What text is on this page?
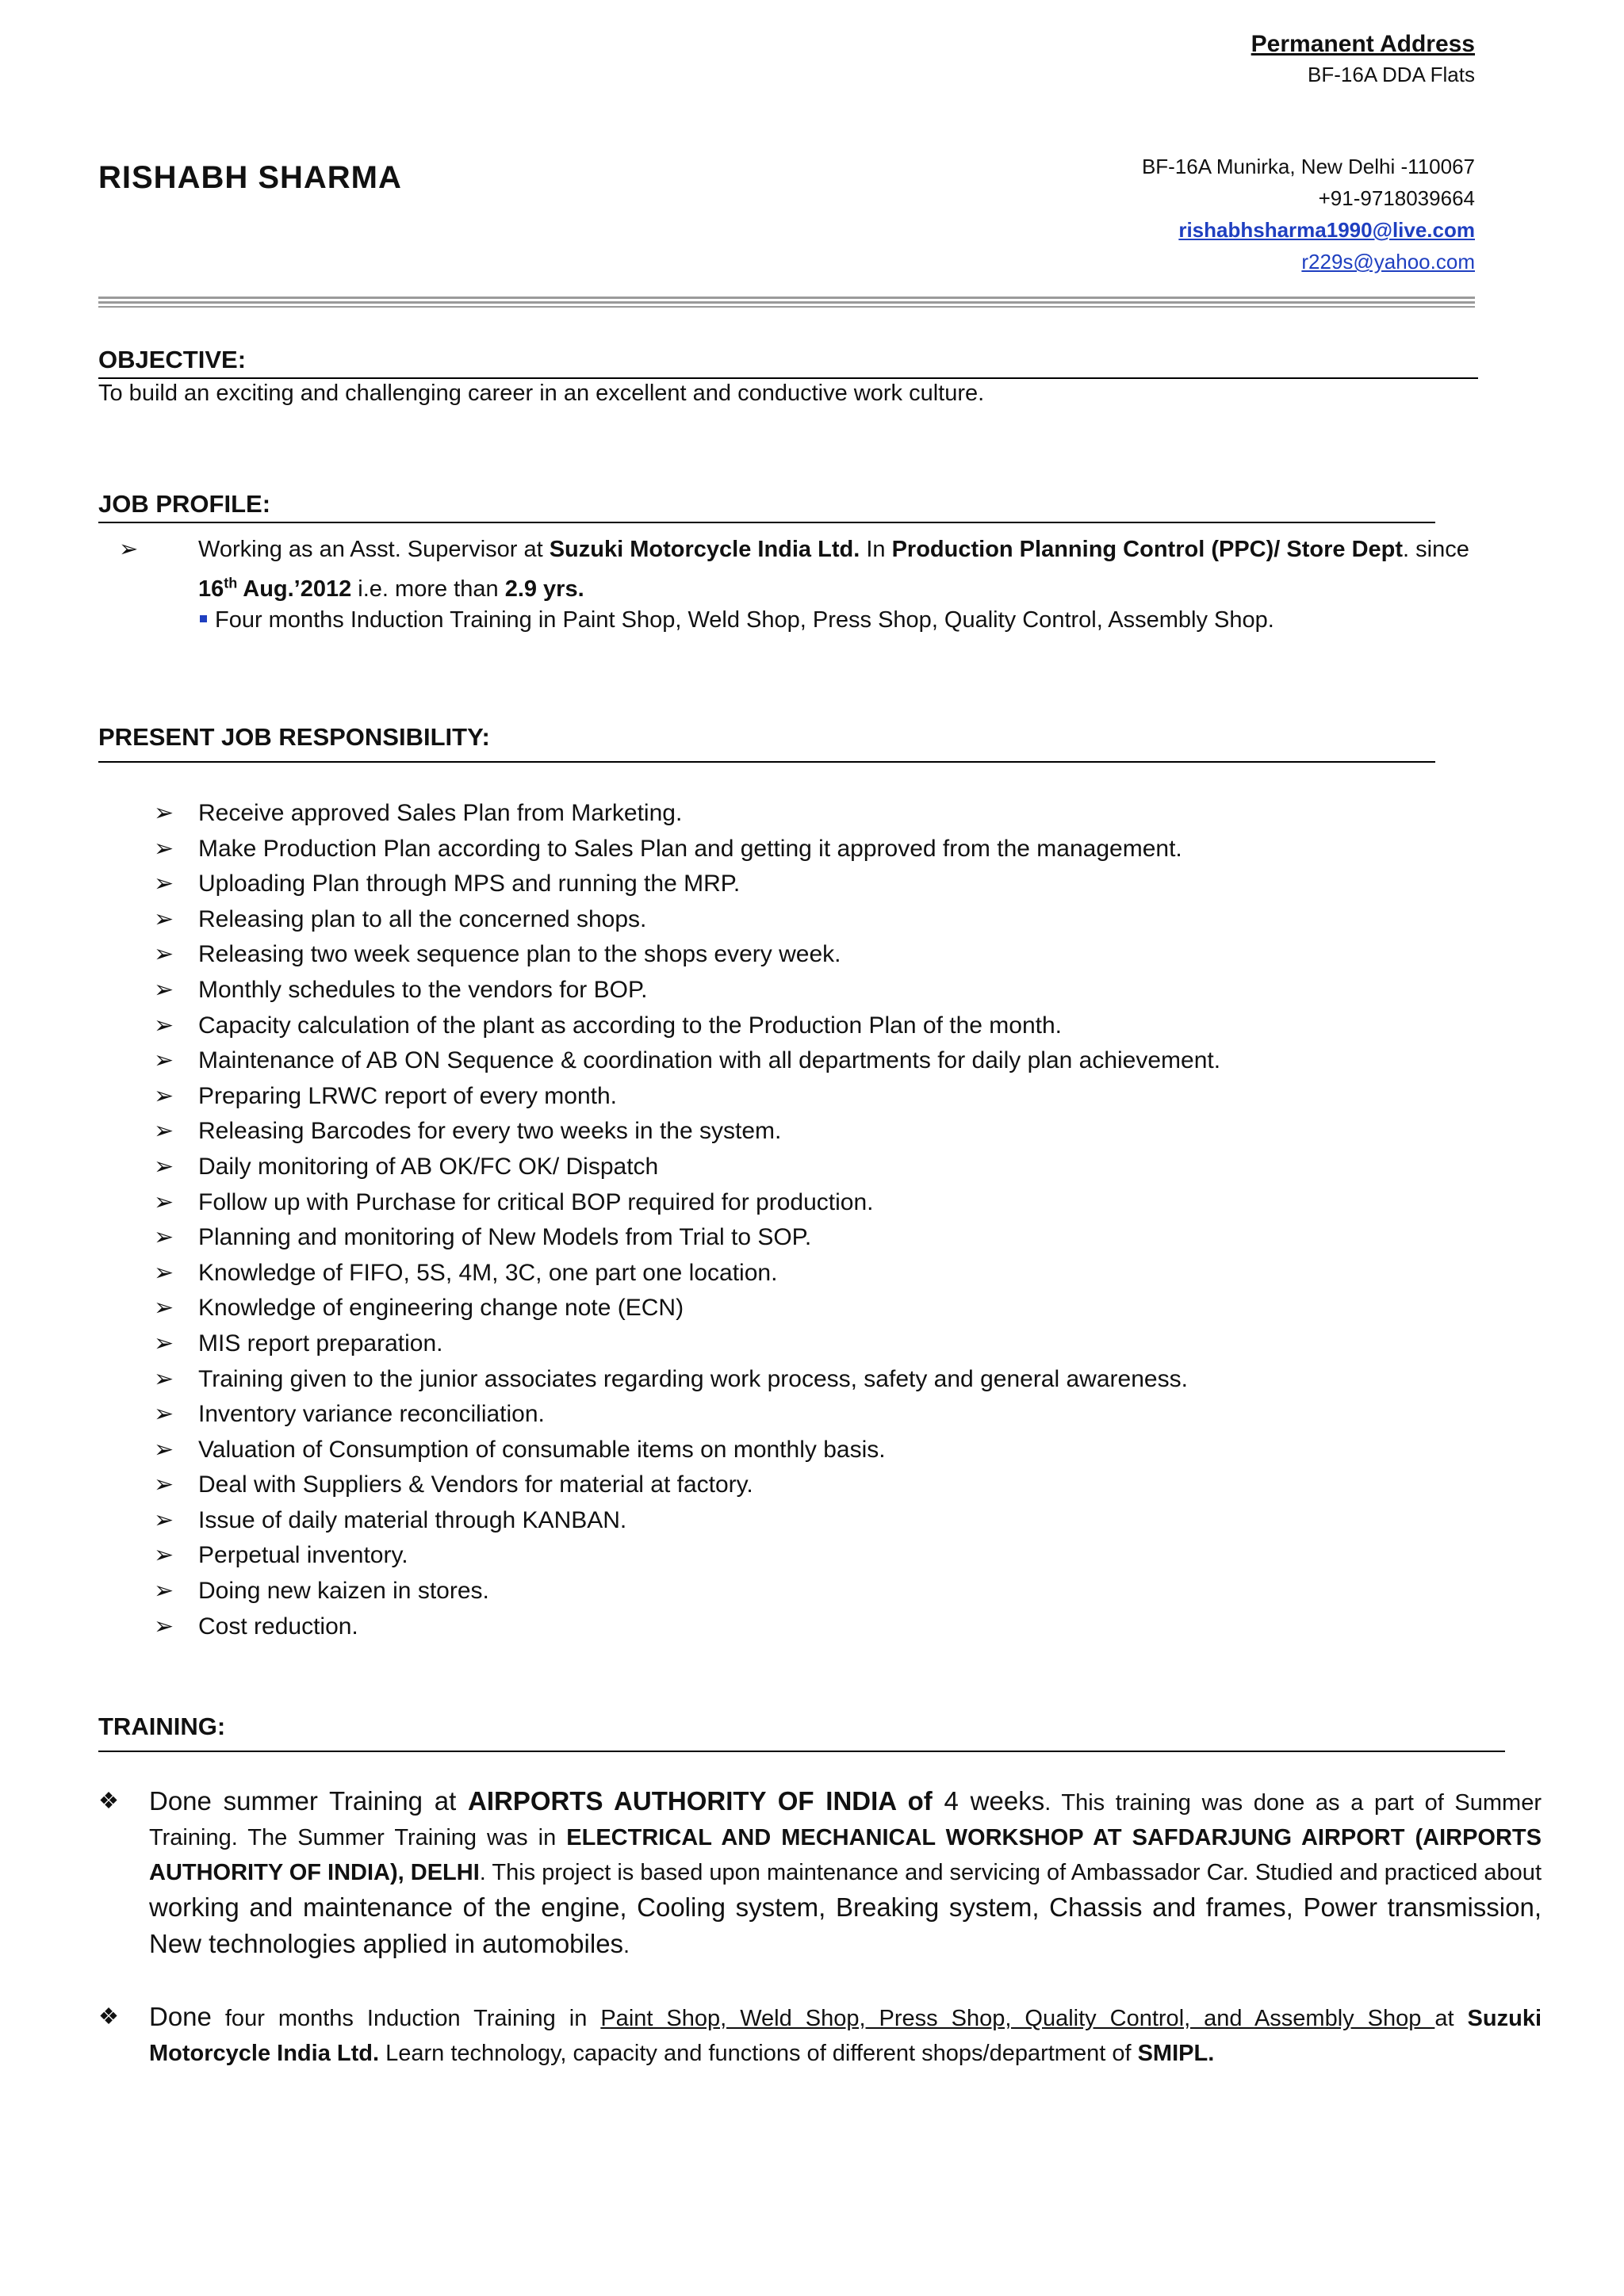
Permanent Address
BF-16A DDA Flats
RISHABH SHARMA	BF-16A Munirka, New Delhi -110067
+91-9718039664
rishabhsharma1990@live.com
r229s@yahoo.com
OBJECTIVE:
To build an exciting and challenging career in an excellent and conductive work culture.
JOB PROFILE:
➢	Working as an Asst. Supervisor at Suzuki Motorcycle India Ltd. In Production Planning Control (PPC)/ Store Dept. since
16th Aug.’2012 i.e. more than 2.9 yrs.
Four months Induction Training in Paint Shop, Weld Shop, Press Shop, Quality Control, Assembly Shop.
PRESENT JOB RESPONSIBILITY:
➢ Receive approved Sales Plan from Marketing.
➢ Make Production Plan according to Sales Plan and getting it approved from the management.
➢ Uploading Plan through MPS and running the MRP.
➢ Releasing plan to all the concerned shops.
➢ Releasing two week sequence plan to the shops every week.
➢ Monthly schedules to the vendors for BOP.
➢ Capacity calculation of the plant as according to the Production Plan of the month.
➢ Maintenance of AB ON Sequence & coordination with all departments for daily plan achievement.
➢ Preparing LRWC report of every month.
➢ Releasing Barcodes for every two weeks in the system.
➢ Daily monitoring of AB OK/FC OK/ Dispatch
➢ Follow up with Purchase for critical BOP required for production.
➢ Planning and monitoring of New Models from Trial to SOP.
➢ Knowledge of FIFO, 5S, 4M, 3C, one part one location.
➢ Knowledge of engineering change note (ECN)
➢ MIS report preparation.
➢ Training given to the junior associates regarding work process, safety and general awareness.
➢ Inventory variance reconciliation.
➢ Valuation of Consumption of consumable items on monthly basis.
➢ Deal with Suppliers & Vendors for material at factory.
➢ Issue of daily material through KANBAN.
➢ Perpetual inventory.
➢ Doing new kaizen in stores.
➢ Cost reduction.
TRAINING:
❖	Done summer Training at AIRPORTS AUTHORITY OF INDIA of 4 weeks. This training was done as a part of Summer Training. The Summer Training was in ELECTRICAL AND MECHANICAL WORKSHOP AT SAFDARJUNG AIRPORT (AIRPORTS AUTHORITY OF INDIA), DELHI. This project is based upon maintenance and servicing of Ambassador Car. Studied and practiced about working and maintenance of the engine, Cooling system, Breaking system, Chassis and frames, Power transmission, New technologies applied in automobiles.
❖	Done four months Induction Training in Paint Shop, Weld Shop, Press Shop, Quality Control, and Assembly Shop at Suzuki Motorcycle India Ltd. Learn technology, capacity and functions of different shops/department of SMIPL.
